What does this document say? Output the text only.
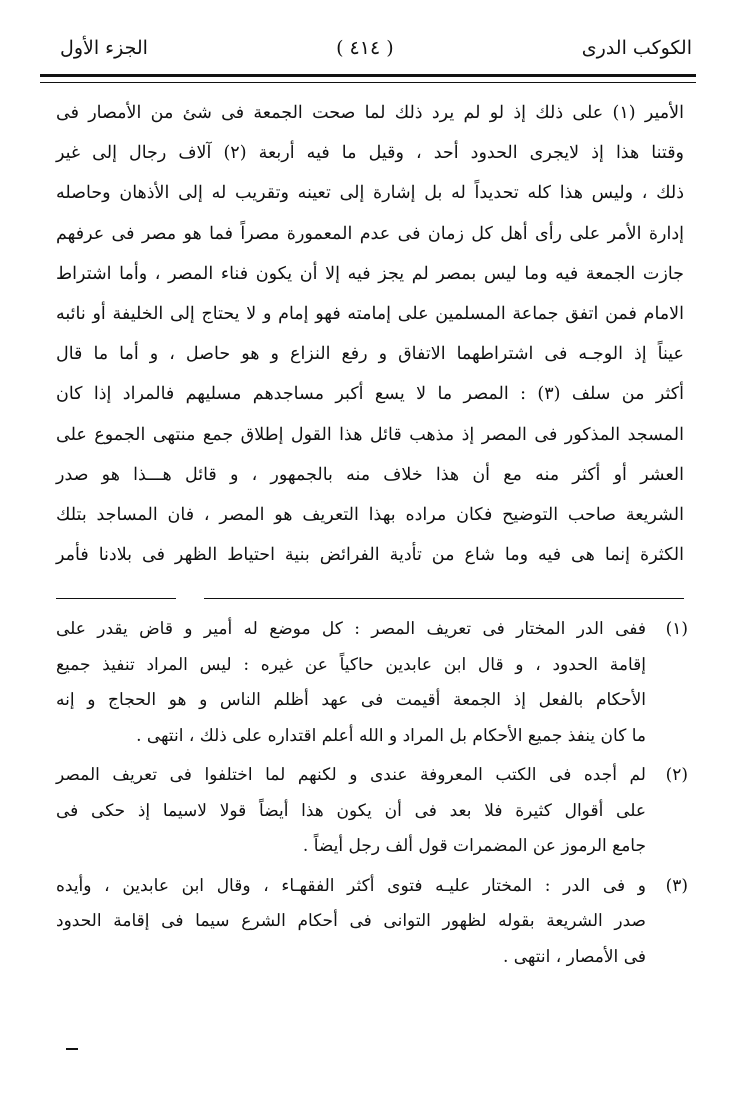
الكوكب الدرى
( ٤١٤ )
الجزء الأول

الأمير (١) على ذلك إذ لو لم يرد ذلك لما صحت الجمعة فى شئ من الأمصار فى

وقتنا هذا إذ لايجرى الحدود أحد ، وقيل ما فيه أربعة (٢) آلاف رجال إلى غير

ذلك ، وليس هذا كله تحديداً له بل إشارة إلى تعينه وتقريب له إلى الأذهان وحاصله

إدارة الأمر على رأى أهل كل زمان فى عدم المعمورة مصراً فما هو مصر فى عرفهم

جازت الجمعة فيه وما ليس بمصر لم يجز فيه إلا أن يكون فناء المصر ، وأما اشتراط

الامام فمن اتفق جماعة المسلمين على إمامته فهو إمام و لا يحتاج إلى الخليفة أو نائبه

عيناً إذ الوجـه فى اشتراطهما الاتفاق و رفع النزاع و هو حاصل ، و أما ما قال

أكثر من سلف (٣) : المصر ما لا يسع أكبر مساجدهم مسليهم فالمراد إذا كان

المسجد المذكور فى المصر إذ مذهب قائل هذا القول إطلاق جمع منتهى الجموع على

العشر أو أكثر منه مع أن هذا خلاف منه بالجمهور ، و قائل هـــذا هو صدر

الشريعة صاحب التوضيح فكان مراده بهذا التعريف هو المصر ، فان المساجد بتلك

الكثرة إنما هى فيه وما شاع من تأدية الفرائض بنية احتياط الظهر فى بلادنا فأمر

(١)
ففى الدر المختار فى تعريف المصر : كل موضع له أمير و قاض يقدر على
إقامة الحدود ، و قال ابن عابدين حاكياً عن غيره : ليس المراد تنفيذ جميع
الأحكام بالفعل إذ الجمعة أقيمت فى عهد أظلم الناس و هو الحجاج و إنه
ما كان ينفذ جميع الأحكام بل المراد و الله أعلم اقتداره على ذلك ، انتهى .
(٢)
لم أجده فى الكتب المعروفة عندى و لكنهم لما اختلفوا فى تعريف المصر
على أقوال كثيرة فلا بعد فى أن يكون هذا أيضاً قولا لاسيما إذ حكى فى
جامع الرموز عن المضمرات قول ألف رجل أيضاً .
(٣)
و فى الدر : المختار عليـه فتوى أكثر الفقهـاء ، وقال ابن عابدين ، وأيده
صدر الشريعة بقوله لظهور التوانى فى أحكام الشرع سيما فى إقامة الحدود
فى الأمصار ، انتهى .
